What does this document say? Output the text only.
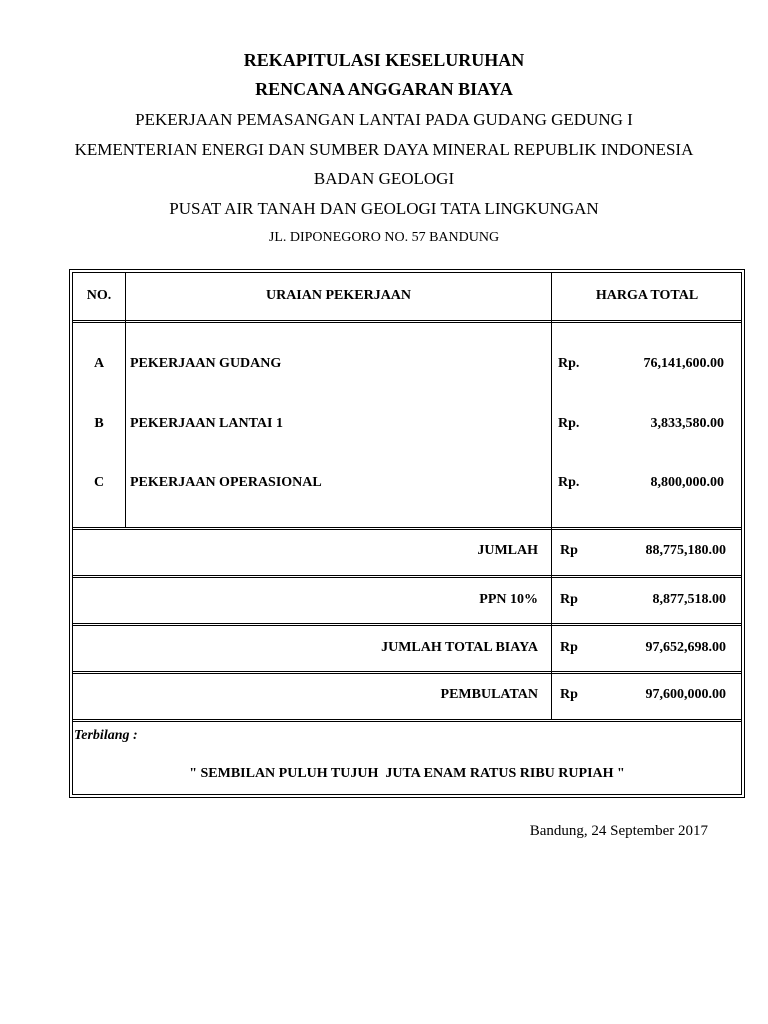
REKAPITULASI KESELURUHAN
RENCANA ANGGARAN BIAYA
PEKERJAAN PEMASANGAN LANTAI PADA GUDANG GEDUNG I
KEMENTERIAN ENERGI DAN SUMBER DAYA MINERAL REPUBLIK INDONESIA
BADAN GEOLOGI
PUSAT AIR TANAH DAN GEOLOGI TATA LINGKUNGAN
JL. DIPONEGORO NO. 57 BANDUNG
NO.	URAIAN PEKERJAAN	HARGA TOTAL
A	PEKERJAAN GUDANG	Rp.	76,141,600.00
B	PEKERJAAN LANTAI 1	Rp.	3,833,580.00
C	PEKERJAAN OPERASIONAL	Rp.	8,800,000.00
JUMLAH Rp	88,775,180.00
PPN 10% Rp	8,877,518.00
JUMLAH TOTAL BIAYA Rp	97,652,698.00
PEMBULATAN Rp	97,600,000.00
Terbilang :
" SEMBILAN PULUH TUJUH  JUTA ENAM RATUS RIBU RUPIAH "
Bandung, 24 September 2017
